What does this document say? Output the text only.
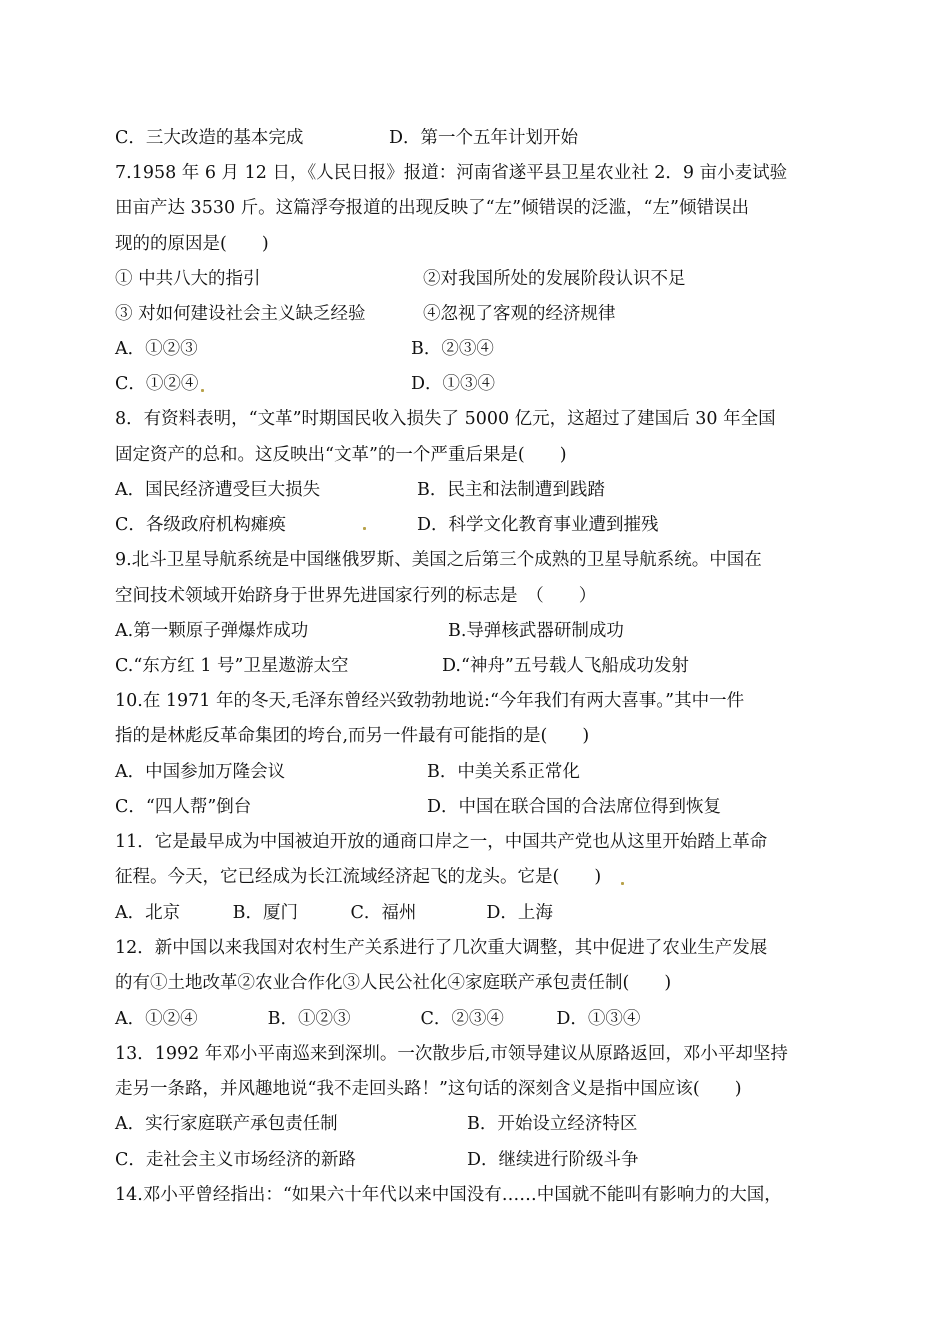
C．三大改造的基本完成	D．第一个五年计划开始
7.1958 年 6 月 12 日，《人民日报》报道：河南省遂平县卫星农业社 2．9 亩小麦试验
田亩产达 3530 斤。这篇浮夸报道的出现反映了“左”倾错误的泛滥，“左”倾错误出
现的的原因是(　　)
① 中共八大的指引	②对我国所处的发展阶段认识不足
③ 对如何建设社会主义缺乏经验	④忽视了客观的经济规律
A．①②③	B．②③④
C．①②④	D．①③④
8．有资料表明，“文革”时期国民收入损失了 5000 亿元，这超过了建国后 30 年全国
固定资产的总和。这反映出“文革”的一个严重后果是(　　)
A．国民经济遭受巨大损失	B．民主和法制遭到践踏
C．各级政府机构瘫痪	D．科学文化教育事业遭到摧残
9.北斗卫星导航系统是中国继俄罗斯、美国之后第三个成熟的卫星导航系统。中国在
空间技术领域开始跻身于世界先进国家行列的标志是　（　　）
A.第一颗原子弹爆炸成功	B.导弹核武器研制成功
C.“东方红 1 号”卫星遨游太空	D.“神舟”五号载人飞船成功发射
10.在 1971 年的冬天,毛泽东曾经兴致勃勃地说:“今年我们有两大喜事。”其中一件
指的是林彪反革命集团的垮台,而另一件最有可能指的是(　　)
A．中国参加万隆会议	B．中美关系正常化
C．“四人帮”倒台	D．中国在联合国的合法席位得到恢复
11．它是最早成为中国被迫开放的通商口岸之一，中国共产党也从这里开始踏上革命
征程。今天，它已经成为长江流域经济起飞的龙头。它是(　　)
A．北京　　　B．厦门　　　C．福州　　　　D．上海
12．新中国以来我国对农村生产关系进行了几次重大调整，其中促进了农业生产发展
的有①土地改革②农业合作化③人民公社化④家庭联产承包责任制(　　)
A．①②④　　　　B．①②③　　　　C．②③④　　　D．①③④
13．1992 年邓小平南巡来到深圳。一次散步后,市领导建议从原路返回，邓小平却坚持
走另一条路，并风趣地说“我不走回头路！”这句话的深刻含义是指中国应该(　　)
A．实行家庭联产承包责任制	B．开始设立经济特区
C．走社会主义市场经济的新路	D．继续进行阶级斗争
14.邓小平曾经指出：“如果六十年代以来中国没有……中国就不能叫有影响力的大国，
